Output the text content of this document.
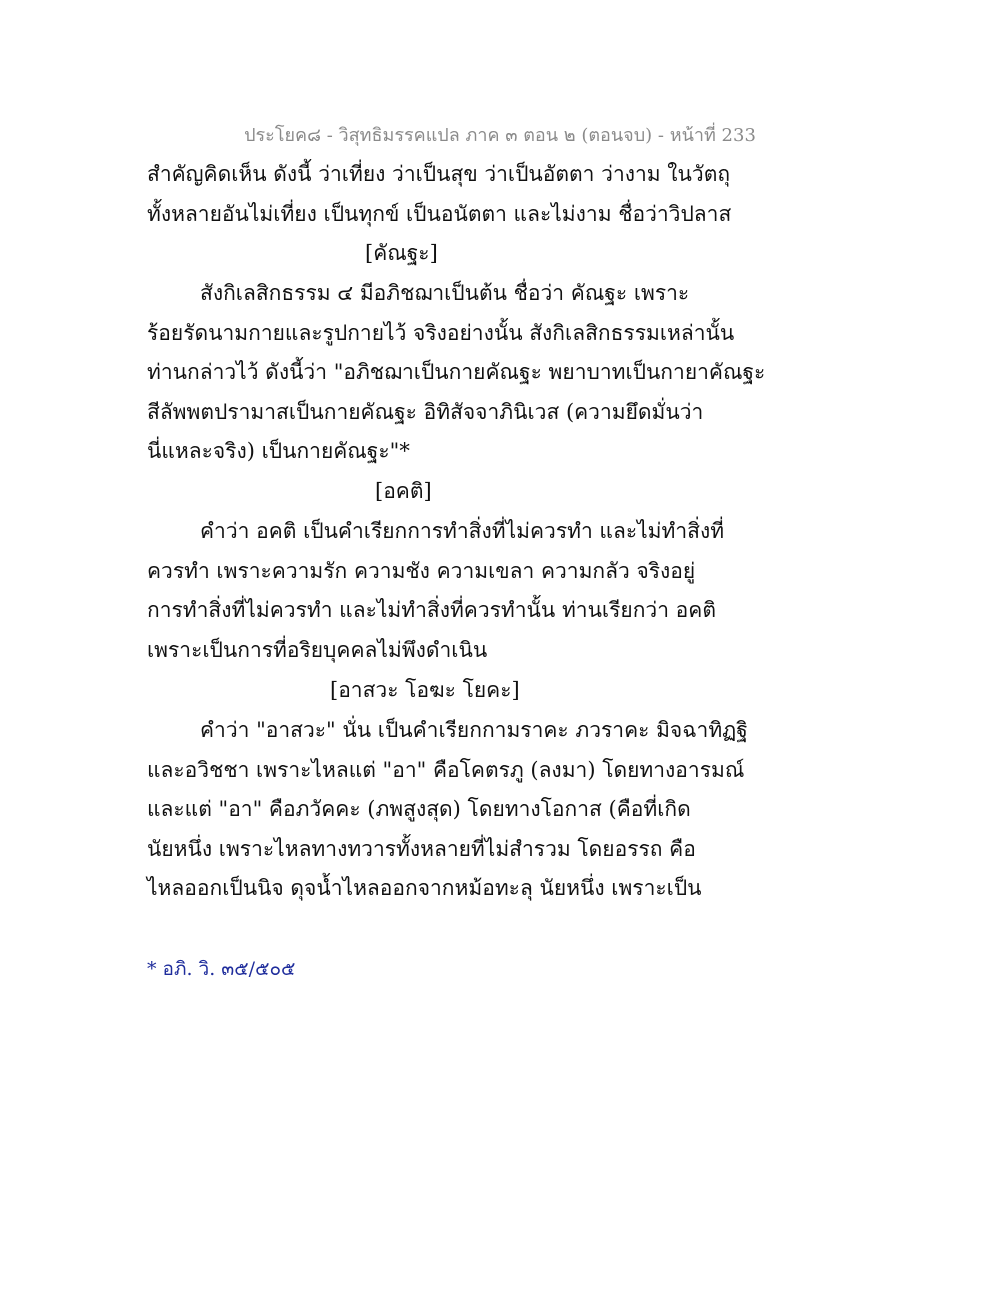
ประโยค๘ - วิสุทธิมรรคแปล ภาค ๓ ตอน ๒ (ตอนจบ) - หน้าที่ 233
สำคัญคิดเห็น ดังนี้ ว่าเที่ยง ว่าเป็นสุข ว่าเป็นอัตตา ว่างาม ในวัตถุ
ทั้งหลายอันไม่เที่ยง เป็นทุกข์ เป็นอนัตตา และไม่งาม ชื่อว่าวิปลาส
[คัณฐะ]
สังกิเลสิกธรรม ๔ มีอภิชฌาเป็นต้น ชื่อว่า คัณฐะ เพราะ
ร้อยรัดนามกายและรูปกายไว้ จริงอย่างนั้น สังกิเลสิกธรรมเหล่านั้น
ท่านกล่าวไว้ ดังนี้ว่า "อภิชฌาเป็นกายคัณฐะ พยาบาทเป็นกายาคัณฐะ
สีลัพพตปรามาสเป็นกายคัณฐะ อิทิสัจจาภินิเวส (ความยึดมั่นว่า
นี่แหละจริง) เป็นกายคัณฐะ"*
[อคติ]
คำว่า อคติ เป็นคำเรียกการทำสิ่งที่ไม่ควรทำ และไม่ทำสิ่งที่
ควรทำ เพราะความรัก ความชัง ความเขลา ความกลัว จริงอยู่
การทำสิ่งที่ไม่ควรทำ และไม่ทำสิ่งที่ควรทำนั้น ท่านเรียกว่า อคติ
เพราะเป็นการที่อริยบุคคลไม่พึงดำเนิน
[อาสวะ โอฆะ โยคะ]
คำว่า "อาสวะ" นั่น เป็นคำเรียกกามราคะ ภวราคะ มิจฉาทิฏฐิ
และอวิชชา เพราะไหลแต่ "อา" คือโคตรภู (ลงมา) โดยทางอารมณ์
และแต่ "อา" คือภวัคคะ (ภพสูงสุด) โดยทางโอกาส (คือที่เกิด
นัยหนึ่ง เพราะไหลทางทวารทั้งหลายที่ไม่สำรวม โดยอรรถ คือ
ไหลออกเป็นนิจ ดุจน้ำไหลออกจากหม้อทะลุ นัยหนึ่ง เพราะเป็น
* อภิ. วิ. ๓๕/๕๐๕
